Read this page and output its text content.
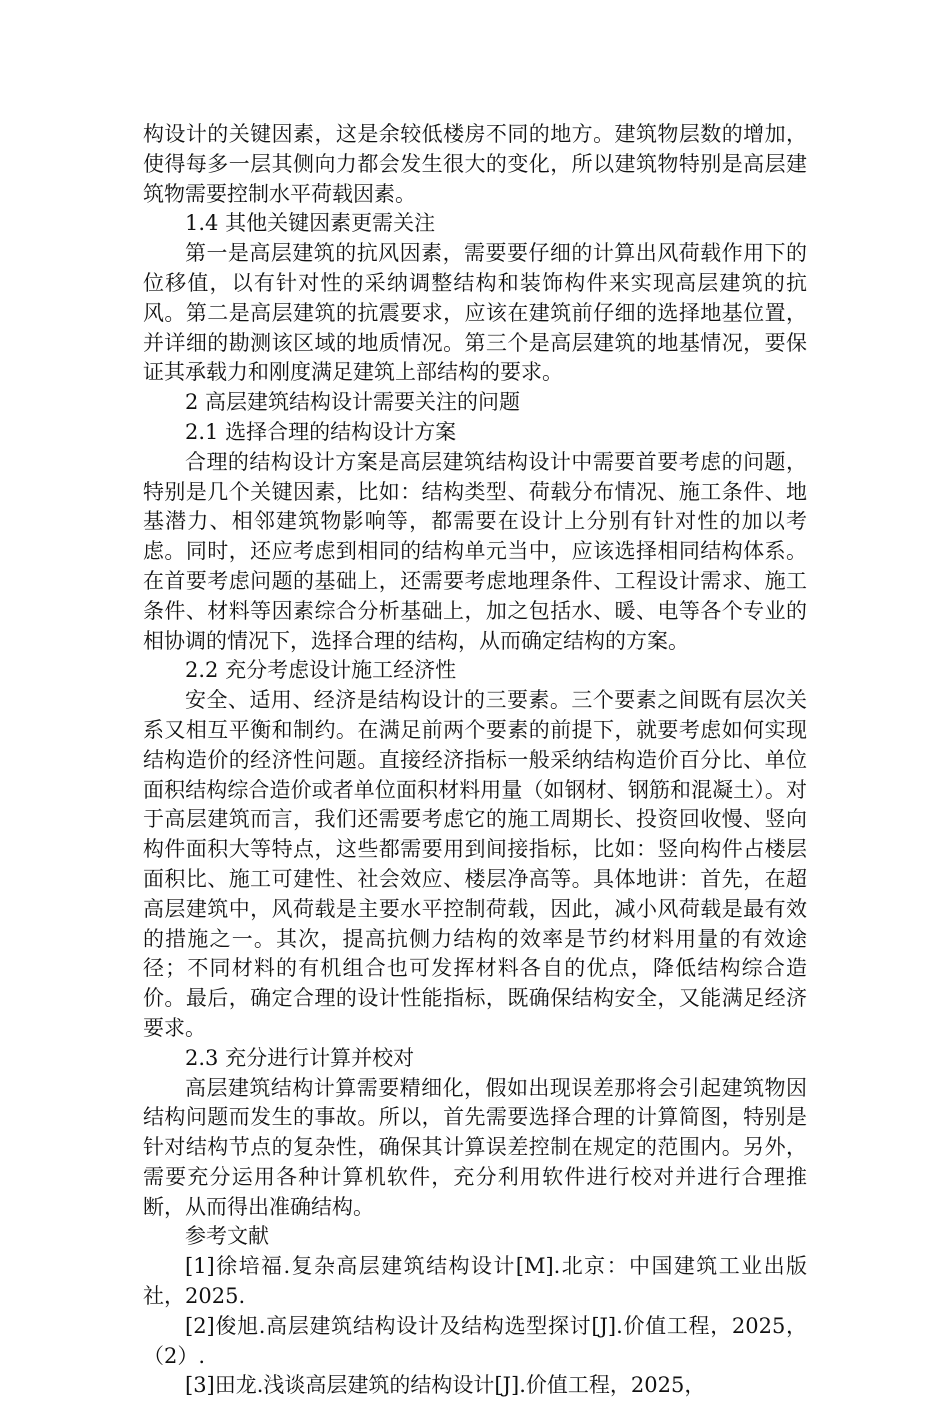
构设计的关键因素，这是余较低楼房不同的地方。建筑物层数的增加，使得每多一层其侧向力都会发生很大的变化，所以建筑物特别是高层建筑物需要控制水平荷载因素。

1.4 其他关键因素更需关注

第一是高层建筑的抗风因素，需要要仔细的计算出风荷载作用下的位移值，以有针对性的采纳调整结构和装饰构件来实现高层建筑的抗风。第二是高层建筑的抗震要求，应该在建筑前仔细的选择地基位置，并详细的勘测该区域的地质情况。第三个是高层建筑的地基情况，要保证其承载力和刚度满足建筑上部结构的要求。

2 高层建筑结构设计需要关注的问题

2.1 选择合理的结构设计方案

合理的结构设计方案是高层建筑结构设计中需要首要考虑的问题，特别是几个关键因素，比如：结构类型、荷载分布情况、施工条件、地基潜力、相邻建筑物影响等，都需要在设计上分别有针对性的加以考虑。同时，还应考虑到相同的结构单元当中，应该选择相同结构体系。在首要考虑问题的基础上，还需要考虑地理条件、工程设计需求、施工条件、材料等因素综合分析基础上，加之包括水、暖、电等各个专业的相协调的情况下，选择合理的结构，从而确定结构的方案。

2.2 充分考虑设计施工经济性

安全、适用、经济是结构设计的三要素。三个要素之间既有层次关系又相互平衡和制约。在满足前两个要素的前提下，就要考虑如何实现结构造价的经济性问题。直接经济指标一般采纳结构造价百分比、单位面积结构综合造价或者单位面积材料用量（如钢材、钢筋和混凝土）。对于高层建筑而言，我们还需要考虑它的施工周期长、投资回收慢、竖向构件面积大等特点，这些都需要用到间接指标，比如：竖向构件占楼层面积比、施工可建性、社会效应、楼层净高等。具体地讲：首先，在超高层建筑中，风荷载是主要水平控制荷载，因此，减小风荷载是最有效的措施之一。其次，提高抗侧力结构的效率是节约材料用量的有效途径；不同材料的有机组合也可发挥材料各自的优点，降低结构综合造价。最后，确定合理的设计性能指标，既确保结构安全，又能满足经济要求。

2.3 充分进行计算并校对

高层建筑结构计算需要精细化，假如出现误差那将会引起建筑物因结构问题而发生的事故。所以，首先需要选择合理的计算简图，特别是针对结构节点的复杂性，确保其计算误差控制在规定的范围内。另外，需要充分运用各种计算机软件，充分利用软件进行校对并进行合理推断，从而得出准确结构。

参考文献

[1]徐培福.复杂高层建筑结构设计[M].北京：中国建筑工业出版社，2025.

[2]俊旭.高层建筑结构设计及结构选型探讨[J].价值工程，2025，（2）.

[3]田龙.浅谈高层建筑的结构设计[J].价值工程，2025，
